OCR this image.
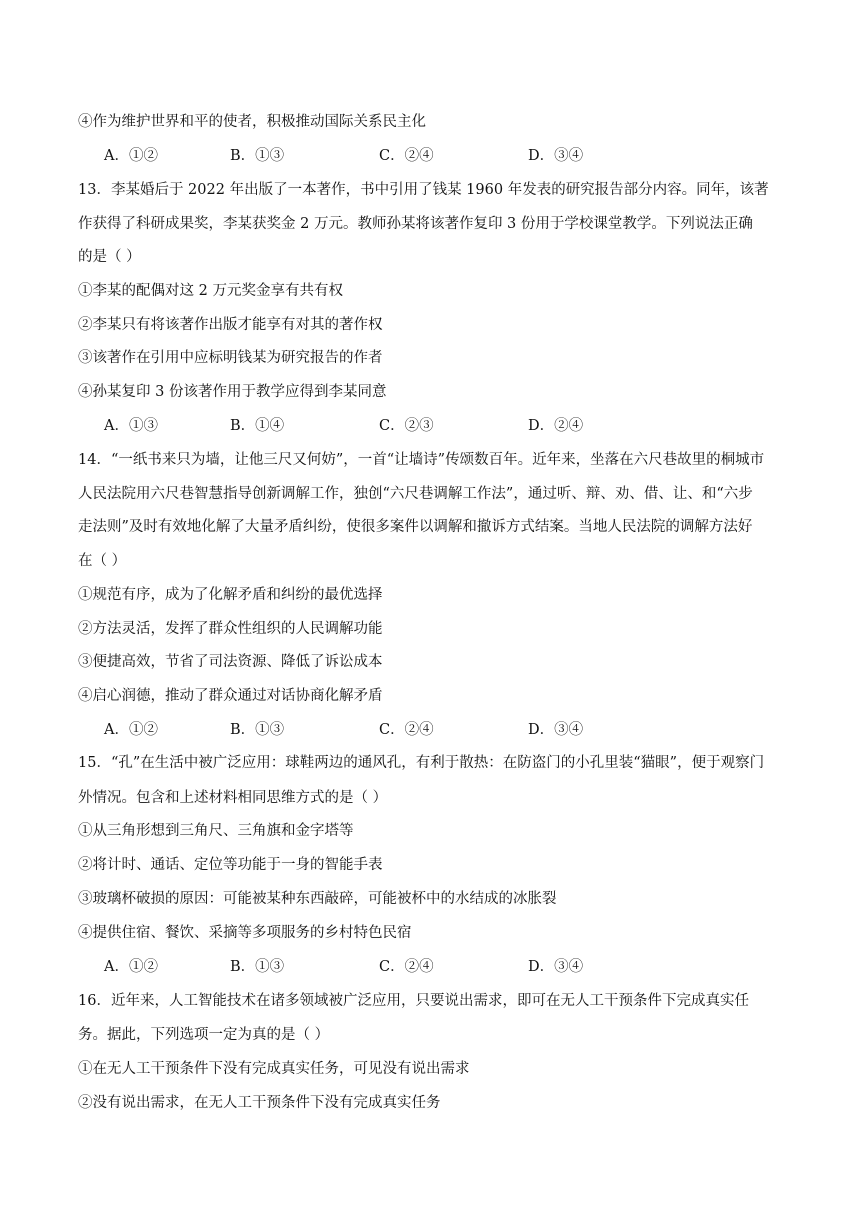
④作为维护世界和平的使者，积极推动国际关系民主化
A．①②	B．①③	C．②④	D．③④
13．李某婚后于 2022 年出版了一本著作，书中引用了钱某 1960 年发表的研究报告部分内容。同年，该著
作获得了科研成果奖，李某获奖金 2 万元。教师孙某将该著作复印 3 份用于学校课堂教学。下列说法正确
的是（ ）
①李某的配偶对这 2 万元奖金享有共有权
②李某只有将该著作出版才能享有对其的著作权
③该著作在引用中应标明钱某为研究报告的作者
④孙某复印 3 份该著作用于教学应得到李某同意
A．①③	B．①④	C．②③	D．②④
14．“一纸书来只为墙，让他三尺又何妨”，一首“让墙诗”传颂数百年。近年来，坐落在六尺巷故里的桐城市
人民法院用六尺巷智慧指导创新调解工作，独创“六尺巷调解工作法”，通过听、辩、劝、借、让、和“六步
走法则”及时有效地化解了大量矛盾纠纷，使很多案件以调解和撤诉方式结案。当地人民法院的调解方法好
在（ ）
①规范有序，成为了化解矛盾和纠纷的最优选择
②方法灵活，发挥了群众性组织的人民调解功能
③便捷高效，节省了司法资源、降低了诉讼成本
④启心润德，推动了群众通过对话协商化解矛盾
A．①②	B．①③	C．②④	D．③④
15．“孔”在生活中被广泛应用：球鞋两边的通风孔，有利于散热：在防盗门的小孔里装“猫眼”，便于观察门
外情况。包含和上述材料相同思维方式的是（ ）
①从三角形想到三角尺、三角旗和金字塔等
②将计时、通话、定位等功能于一身的智能手表
③玻璃杯破损的原因：可能被某种东西敲碎，可能被杯中的水结成的冰胀裂
④提供住宿、餐饮、采摘等多项服务的乡村特色民宿
A．①②	B．①③	C．②④	D．③④
16．近年来，人工智能技术在诸多领域被广泛应用，只要说出需求，即可在无人工干预条件下完成真实任
务。据此，下列选项一定为真的是（ ）
①在无人工干预条件下没有完成真实任务，可见没有说出需求
②没有说出需求，在无人工干预条件下没有完成真实任务
